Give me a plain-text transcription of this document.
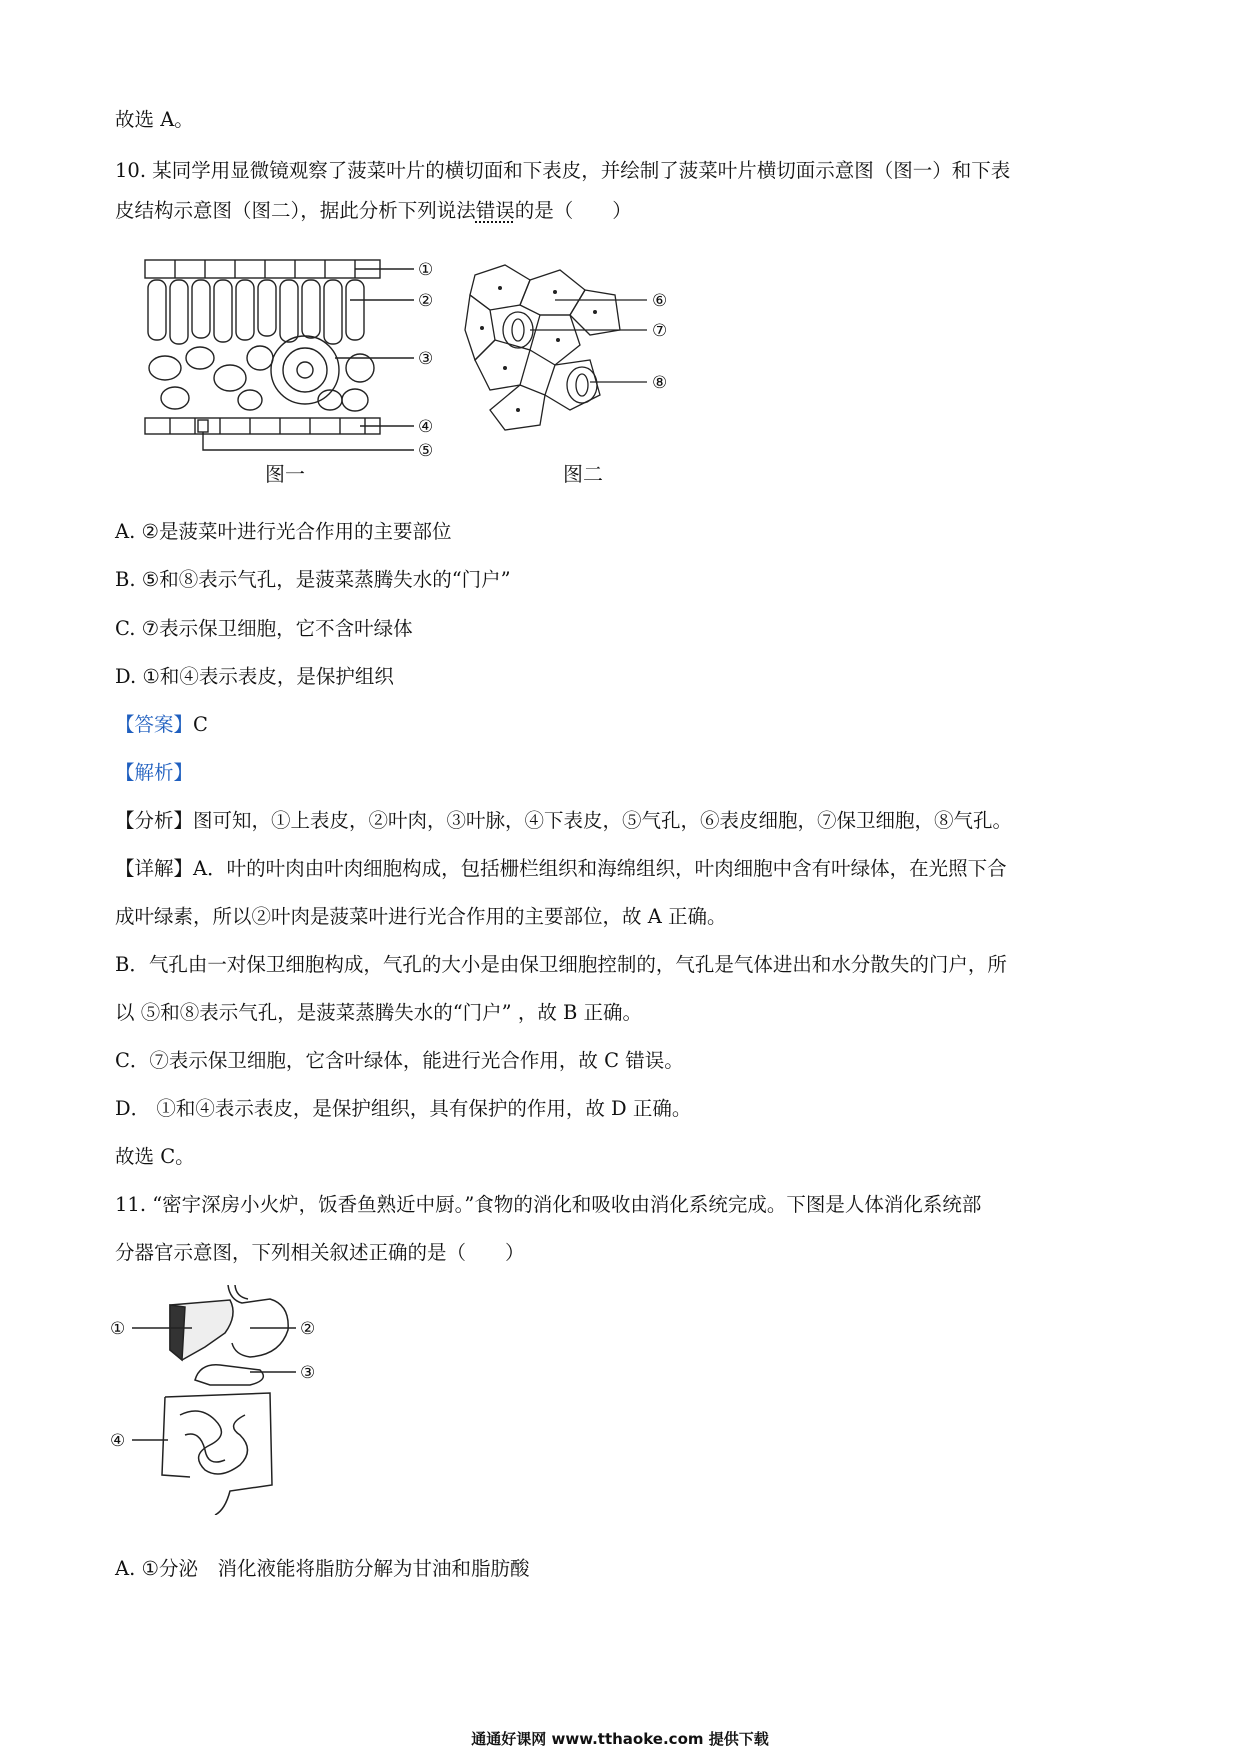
故选 A。
10. 某同学用显微镜观察了菠菜叶片的横切面和下表皮，并绘制了菠菜叶片横切面示意图（图一）和下表
皮结构示意图（图二），据此分析下列说法错误的是（　　）
①
②
③
④
⑤
图一
⑥
⑦
⑧
图二
A. ②是菠菜叶进行光合作用的主要部位
B. ⑤和⑧表示气孔，是菠菜蒸腾失水的“门户”
C. ⑦表示保卫细胞，它不含叶绿体
D. ①和④表示表皮，是保护组织
【答案】C
【解析】
【分析】图可知，①上表皮，②叶肉，③叶脉，④下表皮，⑤气孔，⑥表皮细胞，⑦保卫细胞，⑧气孔。
【详解】A．叶的叶肉由叶肉细胞构成，包括栅栏组织和海绵组织，叶肉细胞中含有叶绿体，在光照下合
成叶绿素，所以②叶肉是菠菜叶进行光合作用的主要部位，故 A 正确。
B．气孔由一对保卫细胞构成，气孔的大小是由保卫细胞控制的，气孔是气体进出和水分散失的门户，所
以 ⑤和⑧表示气孔，是菠菜蒸腾失水的“门户” ，故 B 正确。
C．⑦表示保卫细胞，它含叶绿体，能进行光合作用，故 C 错误。
D． ①和④表示表皮，是保护组织，具有保护的作用，故 D 正确。
故选 C。
11. “密宇深房小火炉，饭香鱼熟近中厨。”食物的消化和吸收由消化系统完成。下图是人体消化系统部
分器官示意图，下列相关叙述正确的是（　　）
①	②
③
④
A. ①分泌　消化液能将脂肪分解为甘油和脂肪酸
通通好课网 www.tthaoke.com 提供下载
